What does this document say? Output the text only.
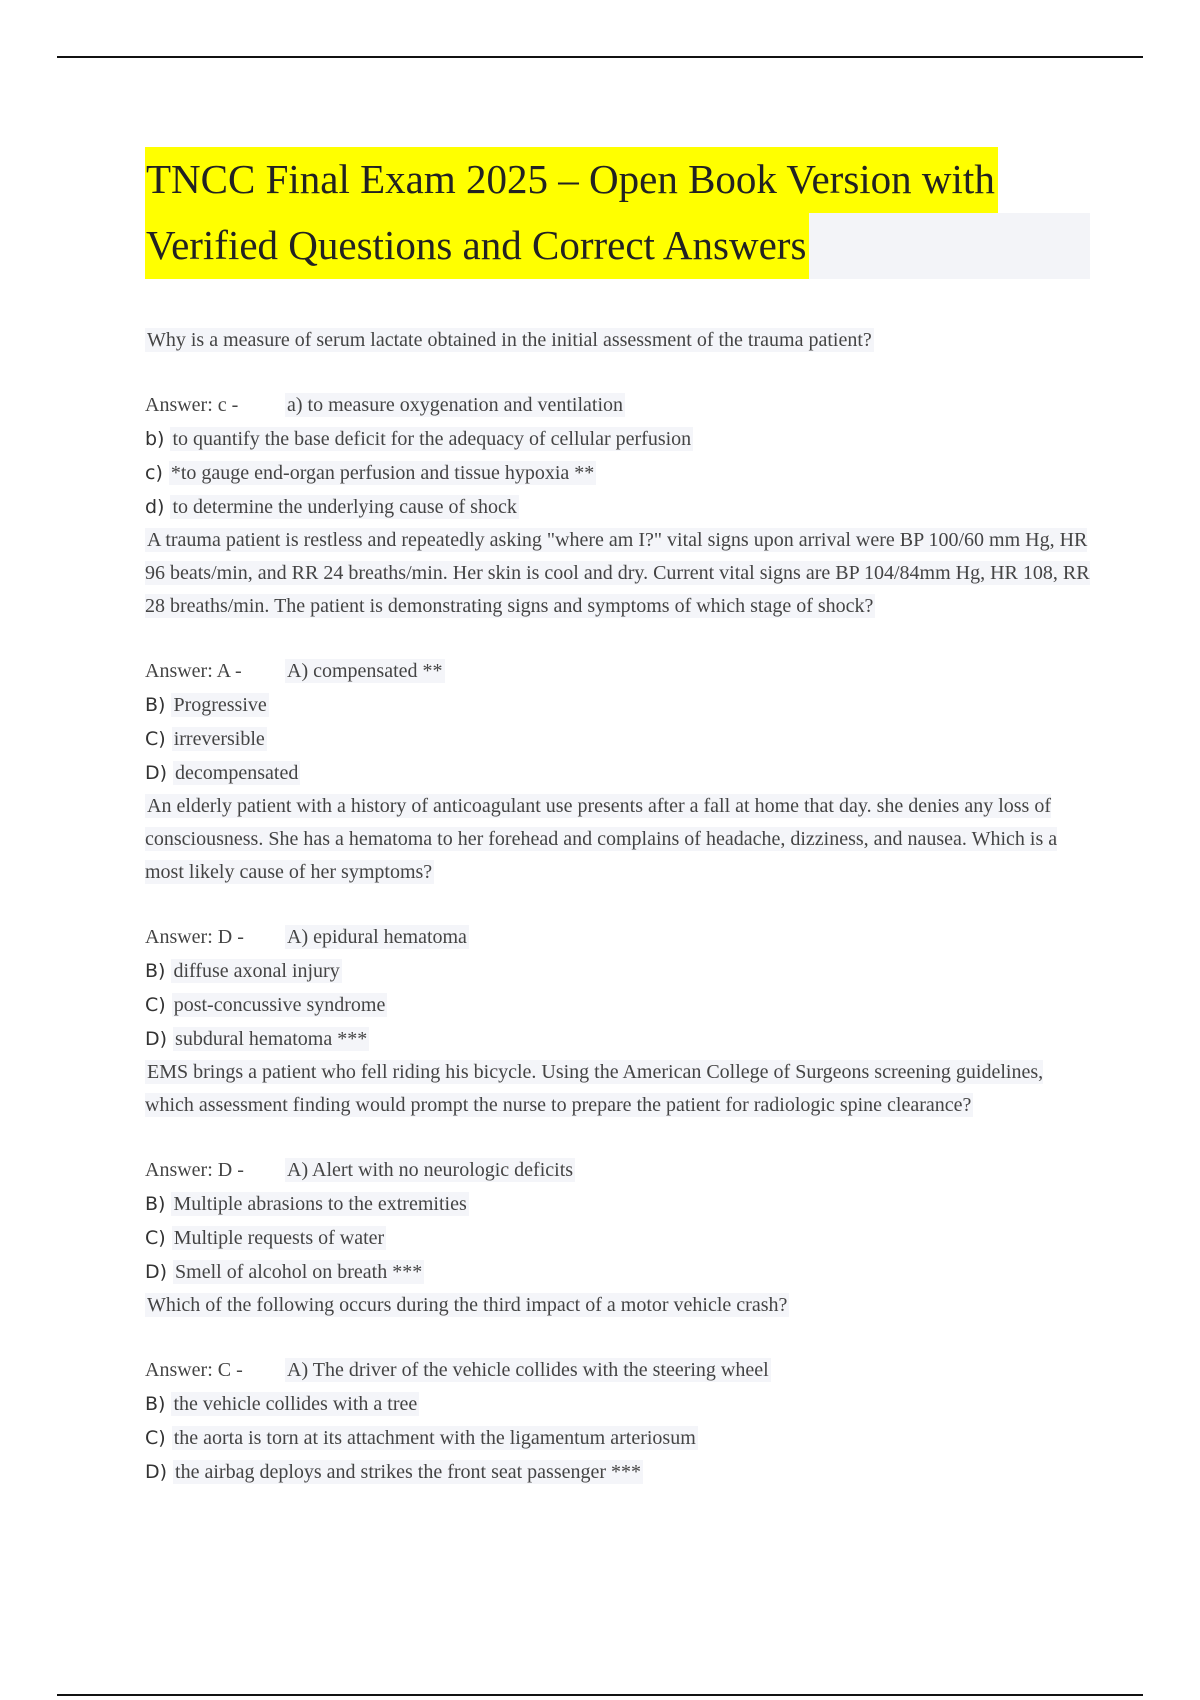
TNCC Final Exam 2025 – Open Book Version with
Verified Questions and Correct Answers
Why is a measure of serum lactate obtained in the initial assessment of the trauma patient?
Answer: c - a) to measure oxygenation and ventilation
b) to quantify the base deficit for the adequacy of cellular perfusion
c) *to gauge end-organ perfusion and tissue hypoxia **
d) to determine the underlying cause of shock
A trauma patient is restless and repeatedly asking "where am I?" vital signs upon arrival were BP 100/60 mm Hg, HR 96 beats/min, and RR 24 breaths/min. Her skin is cool and dry. Current vital signs are BP 104/84mm Hg, HR 108, RR 28 breaths/min. The patient is demonstrating signs and symptoms of which stage of shock?
Answer: A - A) compensated **
B) Progressive
C) irreversible
D) decompensated
An elderly patient with a history of anticoagulant use presents after a fall at home that day. she denies any loss of consciousness. She has a hematoma to her forehead and complains of headache, dizziness, and nausea. Which is a most likely cause of her symptoms?
Answer: D - A) epidural hematoma
B) diffuse axonal injury
C) post-concussive syndrome
D) subdural hematoma ***
EMS brings a patient who fell riding his bicycle. Using the American College of Surgeons screening guidelines, which assessment finding would prompt the nurse to prepare the patient for radiologic spine clearance?
Answer: D - A) Alert with no neurologic deficits
B) Multiple abrasions to the extremities
C) Multiple requests of water
D) Smell of alcohol on breath ***
Which of the following occurs during the third impact of a motor vehicle crash?
Answer: C - A) The driver of the vehicle collides with the steering wheel
B) the vehicle collides with a tree
C) the aorta is torn at its attachment with the ligamentum arteriosum
D) the airbag deploys and strikes the front seat passenger ***
